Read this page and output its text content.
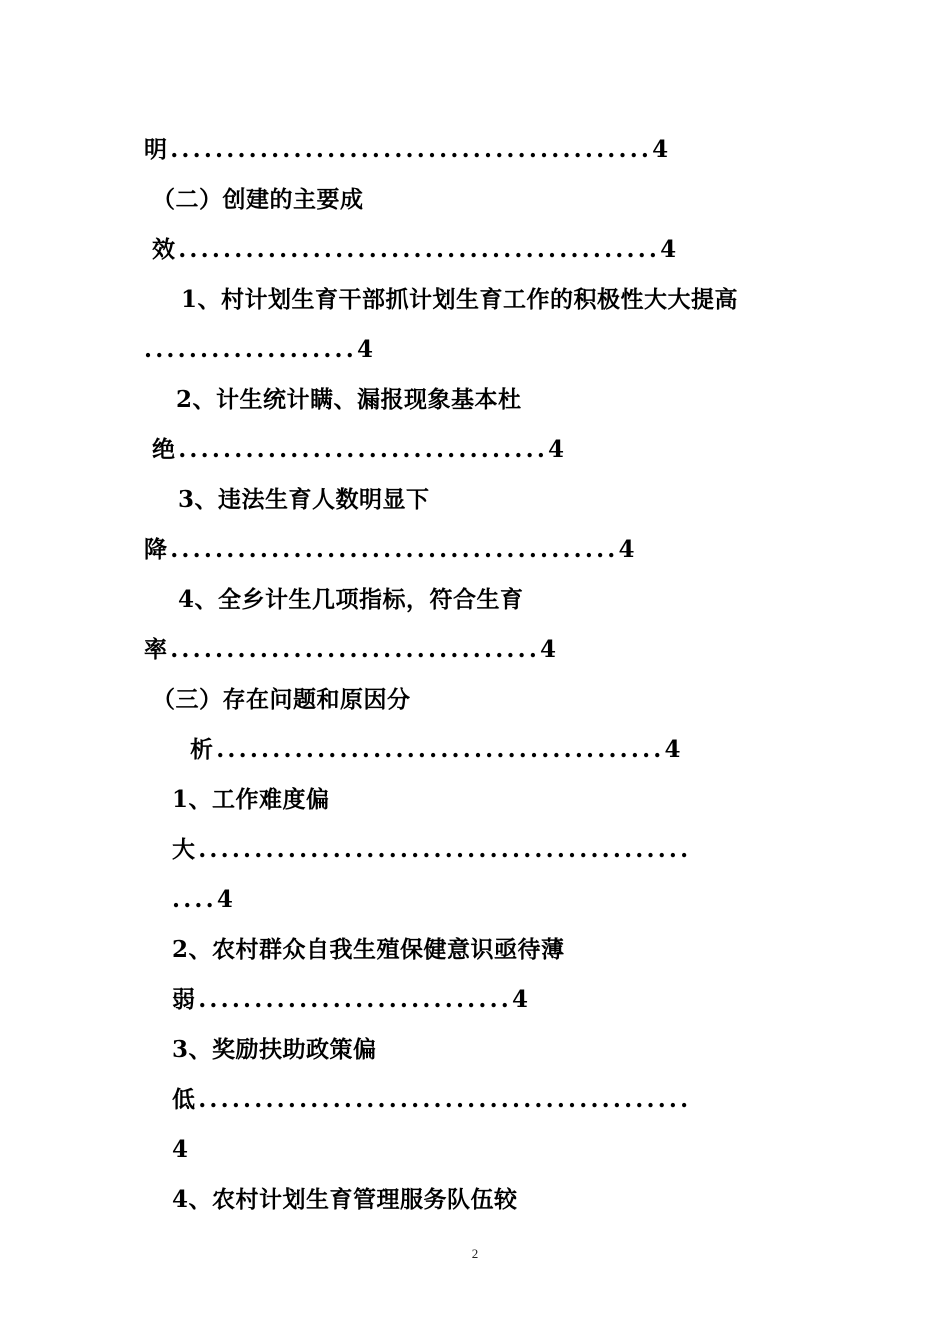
明...........................................4
（二）创建的主要成
效...........................................4
1、村计划生育干部抓计划生育工作的积极性大大提高
...................4
2、计生统计瞒、漏报现象基本杜
绝.................................4
3、违法生育人数明显下
降........................................4
4、全乡计生几项指标，符合生育
率.................................4
（三）存在问题和原因分
析........................................4
1、工作难度偏
大............................................
....4
2、农村群众自我生殖保健意识亟待薄
弱............................4
3、奖励扶助政策偏
低............................................
4
4、农村计划生育管理服务队伍较
2
